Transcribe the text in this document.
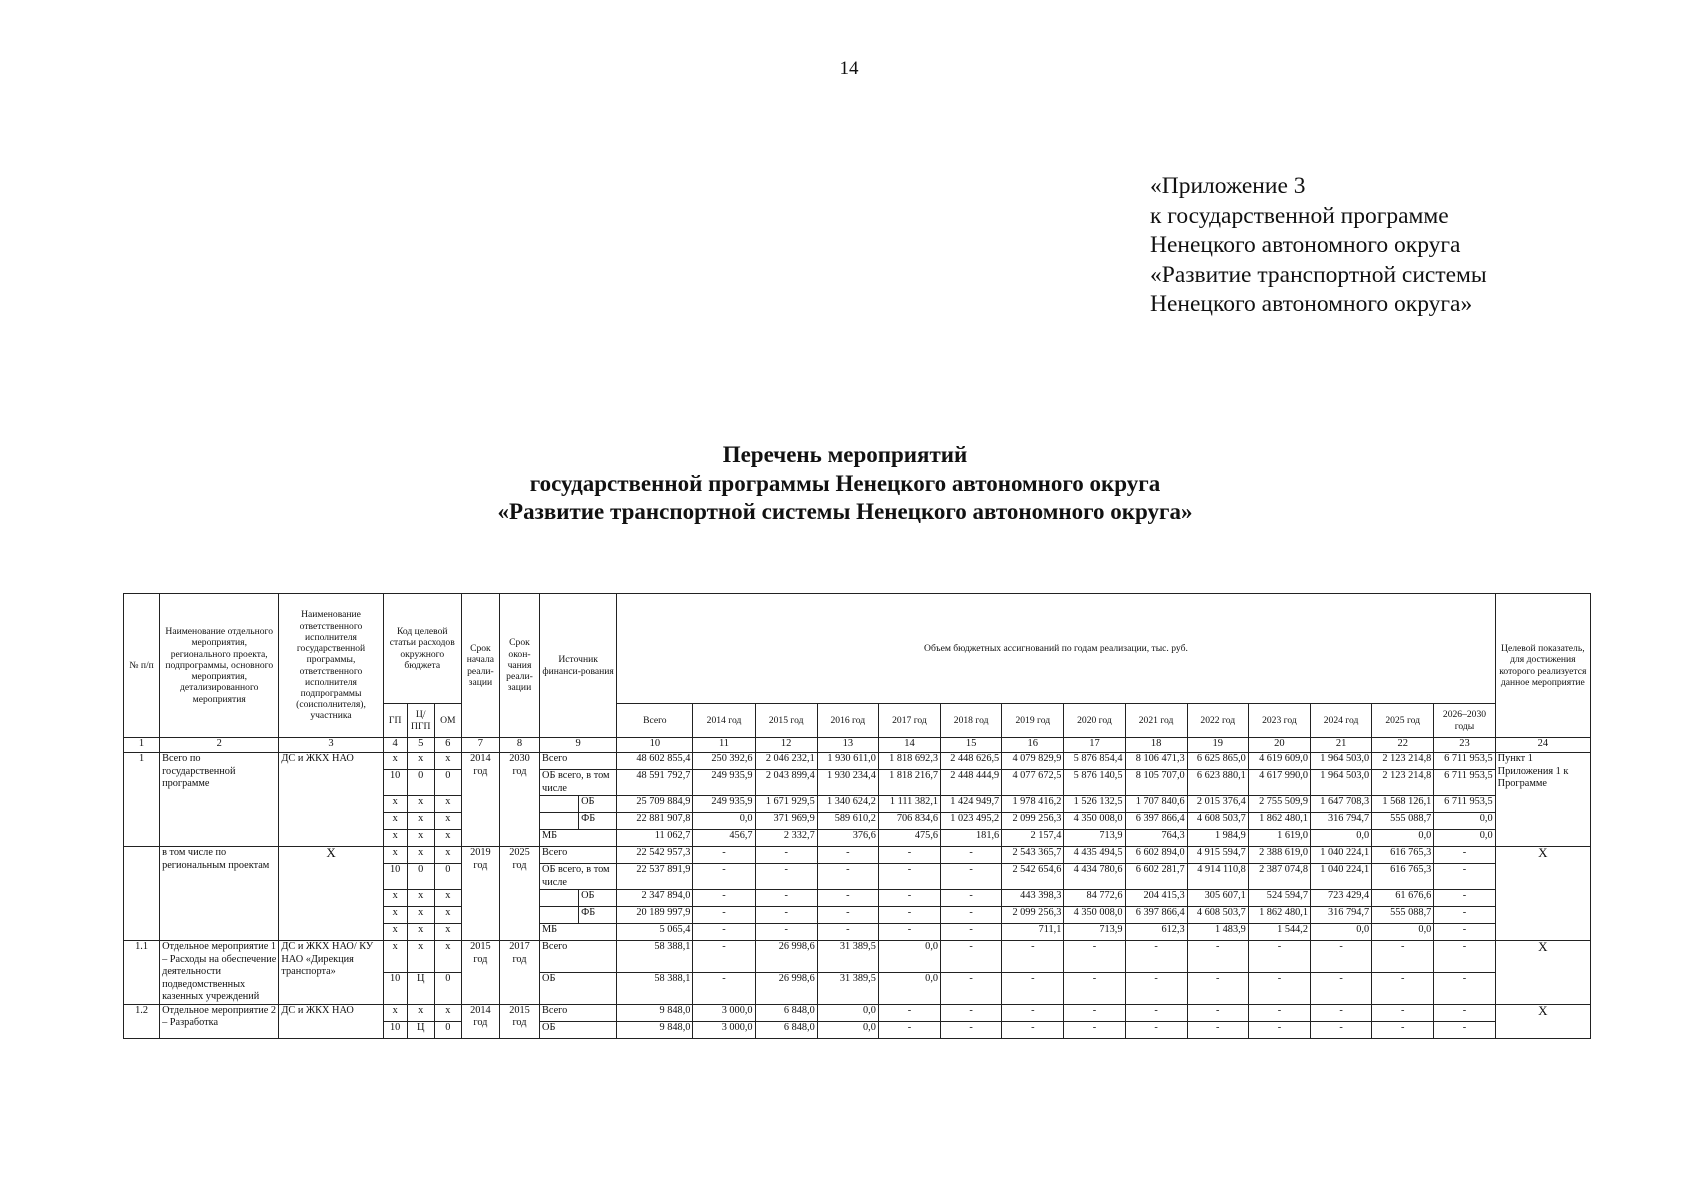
14
«Приложение 3
к государственной программе
Ненецкого автономного округа
«Развитие транспортной системы
Ненецкого автономного округа»
Перечень мероприятий
государственной программы Ненецкого автономного округа
«Развитие транспортной системы Ненецкого автономного округа»
№ п/п	Наименование отдельного мероприятия, регионального проекта, подпрограммы, основного мероприятия, детализированного мероприятия	Наименование ответственного исполнителя государственной программы, ответственного исполнителя подпрограммы (соисполнителя), участника	Код целевой статьи расходов окружного бюджета			Срок начала реали-зации	Срок окон-чания реали-зации	Источник финанси-рования		Объем бюджетных ассигнований по годам реализации, тыс. руб.														Целевой показатель, для достижения которого реализуется данное мероприятие
			ГП	Ц/ ПГП	ОМ					Всего	2014 год	2015 год	2016 год	2017 год	2018 год	2019 год	2020 год	2021 год	2022 год	2023 год	2024 год	2025 год	2026–2030 годы	
1	2	3	4	5	6	7	8	9		10	11	12	13	14	15	16	17	18	19	20	21	22	23	24
1	Всего по государственной программе	ДС и ЖКХ НАО	x	x	x	2014 год	2030 год	Всего		48 602 855,4	250 392,6	2 046 232,1	1 930 611,0	1 818 692,3	2 448 626,5	4 079 829,9	5 876 854,4	8 106 471,3	6 625 865,0	4 619 609,0	1 964 503,0	2 123 214,8	6 711 953,5	Пункт 1 Приложения 1 к Программе
			10	0	0			ОБ всего, в том числе		48 591 792,7	249 935,9	2 043 899,4	1 930 234,4	1 818 216,7	2 448 444,9	4 077 672,5	5 876 140,5	8 105 707,0	6 623 880,1	4 617 990,0	1 964 503,0	2 123 214,8	6 711 953,5	
			x	x	x				ОБ	25 709 884,9	249 935,9	1 671 929,5	1 340 624,2	1 111 382,1	1 424 949,7	1 978 416,2	1 526 132,5	1 707 840,6	2 015 376,4	2 755 509,9	1 647 708,3	1 568 126,1	6 711 953,5	
			x	x	x				ФБ	22 881 907,8	0,0	371 969,9	589 610,2	706 834,6	1 023 495,2	2 099 256,3	4 350 008,0	6 397 866,4	4 608 503,7	1 862 480,1	316 794,7	555 088,7	0,0	
			x	x	x			МБ		11 062,7	456,7	2 332,7	376,6	475,6	181,6	2 157,4	713,9	764,3	1 984,9	1 619,0	0,0	0,0	0,0	
	в том числе по региональным проектам	X	x	x	x	2019 год	2025 год	Всего		22 542 957,3	-	-	-	-	-	2 543 365,7	4 435 494,5	6 602 894,0	4 915 594,7	2 388 619,0	1 040 224,1	616 765,3	-	X
			10	0	0			ОБ всего, в том числе		22 537 891,9	-	-	-	-	-	2 542 654,6	4 434 780,6	6 602 281,7	4 914 110,8	2 387 074,8	1 040 224,1	616 765,3	-	
			x	x	x				ОБ	2 347 894,0	-	-	-	-	-	443 398,3	84 772,6	204 415,3	305 607,1	524 594,7	723 429,4	61 676,6	-	
			x	x	x				ФБ	20 189 997,9	-	-	-	-	-	2 099 256,3	4 350 008,0	6 397 866,4	4 608 503,7	1 862 480,1	316 794,7	555 088,7	-	
			x	x	x			МБ		5 065,4	-	-	-	-	-	711,1	713,9	612,3	1 483,9	1 544,2	0,0	0,0	-	
1.1	Отдельное мероприятие 1 – Расходы на обеспечение деятельности подведомственных казенных учреждений	ДС и ЖКХ НАО/ КУ НАО «Дирекция транспорта»	x	x	x	2015 год	2017 год	Всего		58 388,1	-	26 998,6	31 389,5	0,0	-	-	-	-	-	-	-	-	-	X
			10	Ц	0			ОБ		58 388,1	-	26 998,6	31 389,5	0,0	-	-	-	-	-	-	-	-	-	
1.2	Отдельное мероприятие 2 – Разработка	ДС и ЖКХ НАО	x	x	x	2014 год	2015 год	Всего		9 848,0	3 000,0	6 848,0	0,0	-	-	-	-	-	-	-	-	-	-	X
			10	Ц	0			ОБ		9 848,0	3 000,0	6 848,0	0,0	-	-	-	-	-	-	-	-	-	-	
